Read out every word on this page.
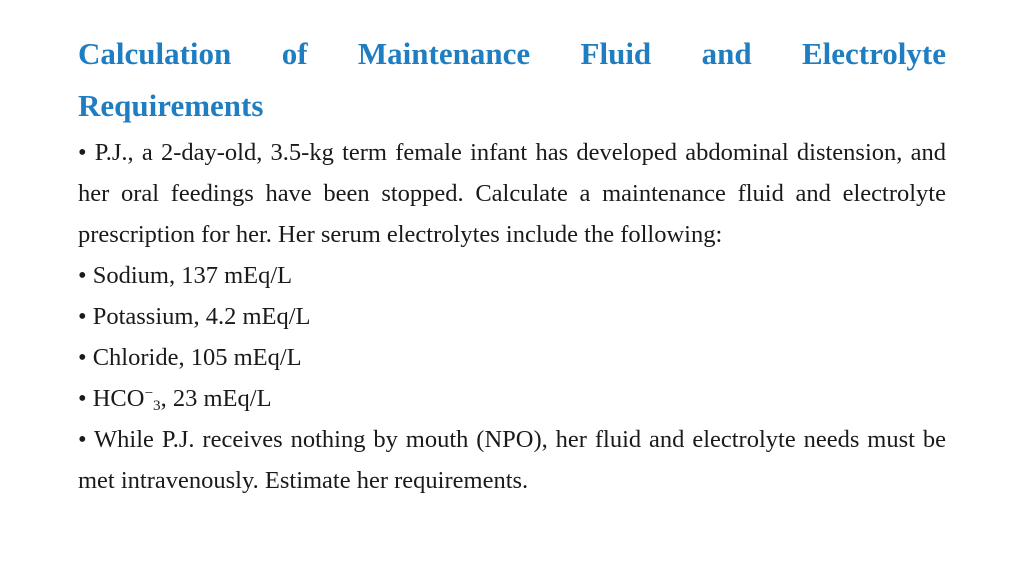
Calculation of Maintenance Fluid and Electrolyte
Requirements

• P.J., a 2-day-old, 3.5-kg term female infant has developed abdominal distension, and her oral feedings have been stopped. Calculate a maintenance fluid and electrolyte prescription for her. Her serum electrolytes include the following:

• Sodium, 137 mEq/L

• Potassium, 4.2 mEq/L

• Chloride, 105 mEq/L

• $HCO^-_3$, 23 mEq/L

• While P.J. receives nothing by mouth (NPO), her fluid and electrolyte needs must be met intravenously. Estimate her requirements.
